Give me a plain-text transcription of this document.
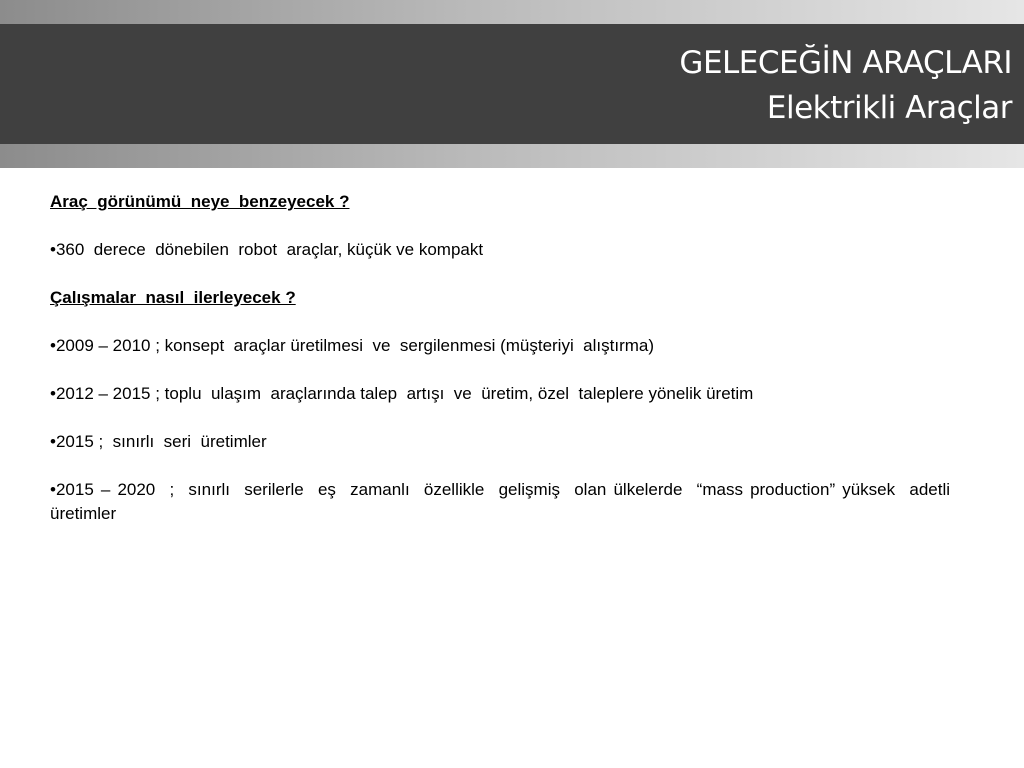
GELECEĞİN ARAÇLARI
Elektrikli Araçlar

Araç  görünümü  neye  benzeyecek ?

•360  derece  dönebilen  robot  araçlar, küçük ve kompakt

Çalışmalar  nasıl  ilerleyecek ?

•2009 – 2010 ; konsept  araçlar üretilmesi  ve  sergilenmesi (müşteriyi  alıştırma)

•2012 – 2015 ; toplu  ulaşım  araçlarında talep  artışı  ve  üretim, özel  taleplere yönelik üretim

•2015 ;  sınırlı  seri  üretimler

•2015 – 2020  ;  sınırlı  serilerle  eş  zamanlı  özellikle  gelişmiş  olan ülkelerde  “mass production” yüksek  adetli  üretimler
